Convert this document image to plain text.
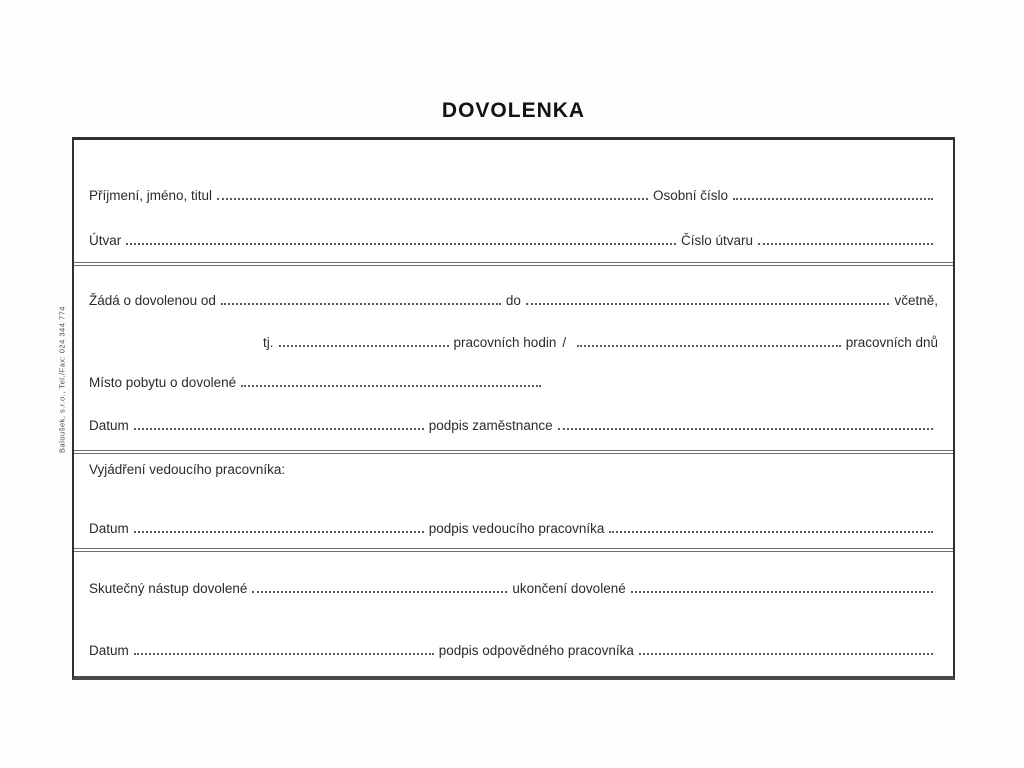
Baloušek, s.r.o., Tel./Fax: 024 344 774
DOVOLENKA
Příjmení, jméno, titul	Osobní číslo
Útvar	Číslo útvaru
Žádá o dovolenou od	do	včetně,
tj.	pracovních hodin /	pracovních dnů
Místo pobytu o dovolené
Datum	podpis zaměstnance
Vyjádření vedoucího pracovníka:
Datum	podpis vedoucího pracovníka
Skutečný nástup dovolené	ukončení dovolené
Datum	podpis odpovědného pracovníka
